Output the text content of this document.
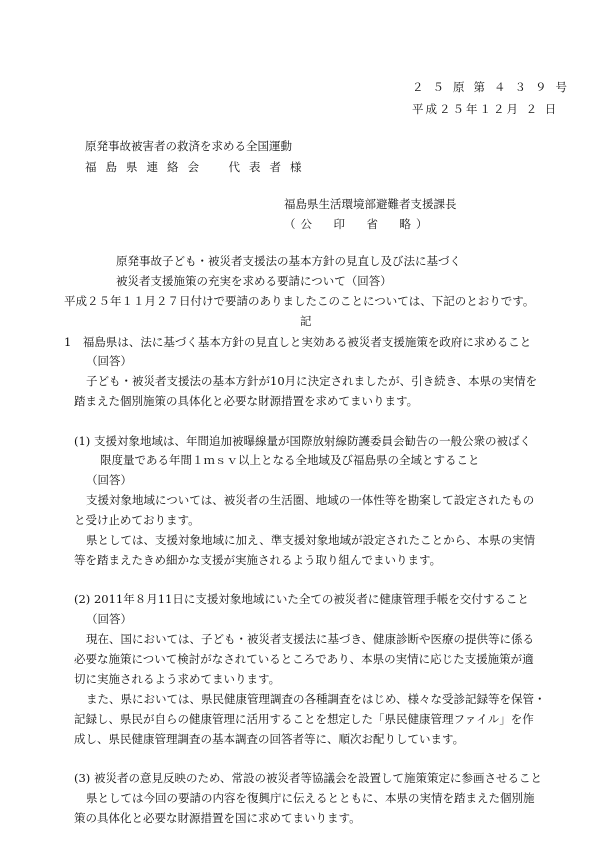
２５原第４３９号
平成２５年１２月 ２ 日
原発事故被害者の救済を求める全国運動
福島県連絡会　代表者様
福島県生活環境部避難者支援課長
（公　印　省　略）
原発事故子ども・被災者支援法の基本方針の見直し及び法に基づく
被災者支援施策の充実を求める要請について（回答）
平成２５年１１月２７日付けで要請のありましたこのことについては、下記のとおりです。
記
1　福島県は、法に基づく基本方針の見直しと実効ある被災者支援施策を政府に求めること
（回答）
子ども・被災者支援法の基本方針が10月に決定されましたが、引き続き、本県の実情を
踏まえた個別施策の具体化と必要な財源措置を求めてまいります。
(1) 支援対象地域は、年間追加被曝線量が国際放射線防護委員会勧告の一般公衆の被ばく
限度量である年間１ｍｓｖ以上となる全地域及び福島県の全域とすること
（回答）
支援対象地域については、被災者の生活圏、地域の一体性等を勘案して設定されたもの
と受け止めております。
県としては、支援対象地域に加え、準支援対象地域が設定されたことから、本県の実情
等を踏まえたきめ細かな支援が実施されるよう取り組んでまいります。
(2) 2011年８月11日に支援対象地域にいた全ての被災者に健康管理手帳を交付すること
（回答）
現在、国においては、子ども・被災者支援法に基づき、健康診断や医療の提供等に係る
必要な施策について検討がなされているところであり、本県の実情に応じた支援施策が適
切に実施されるよう求めてまいります。
また、県においては、県民健康管理調査の各種調査をはじめ、様々な受診記録等を保管・
記録し、県民が自らの健康管理に活用することを想定した「県民健康管理ファイル」を作
成し、県民健康管理調査の基本調査の回答者等に、順次お配りしています。
(3) 被災者の意見反映のため、常設の被災者等協議会を設置して施策策定に参画させること
県としては今回の要請の内容を復興庁に伝えるとともに、本県の実情を踏まえた個別施
策の具体化と必要な財源措置を国に求めてまいります。
